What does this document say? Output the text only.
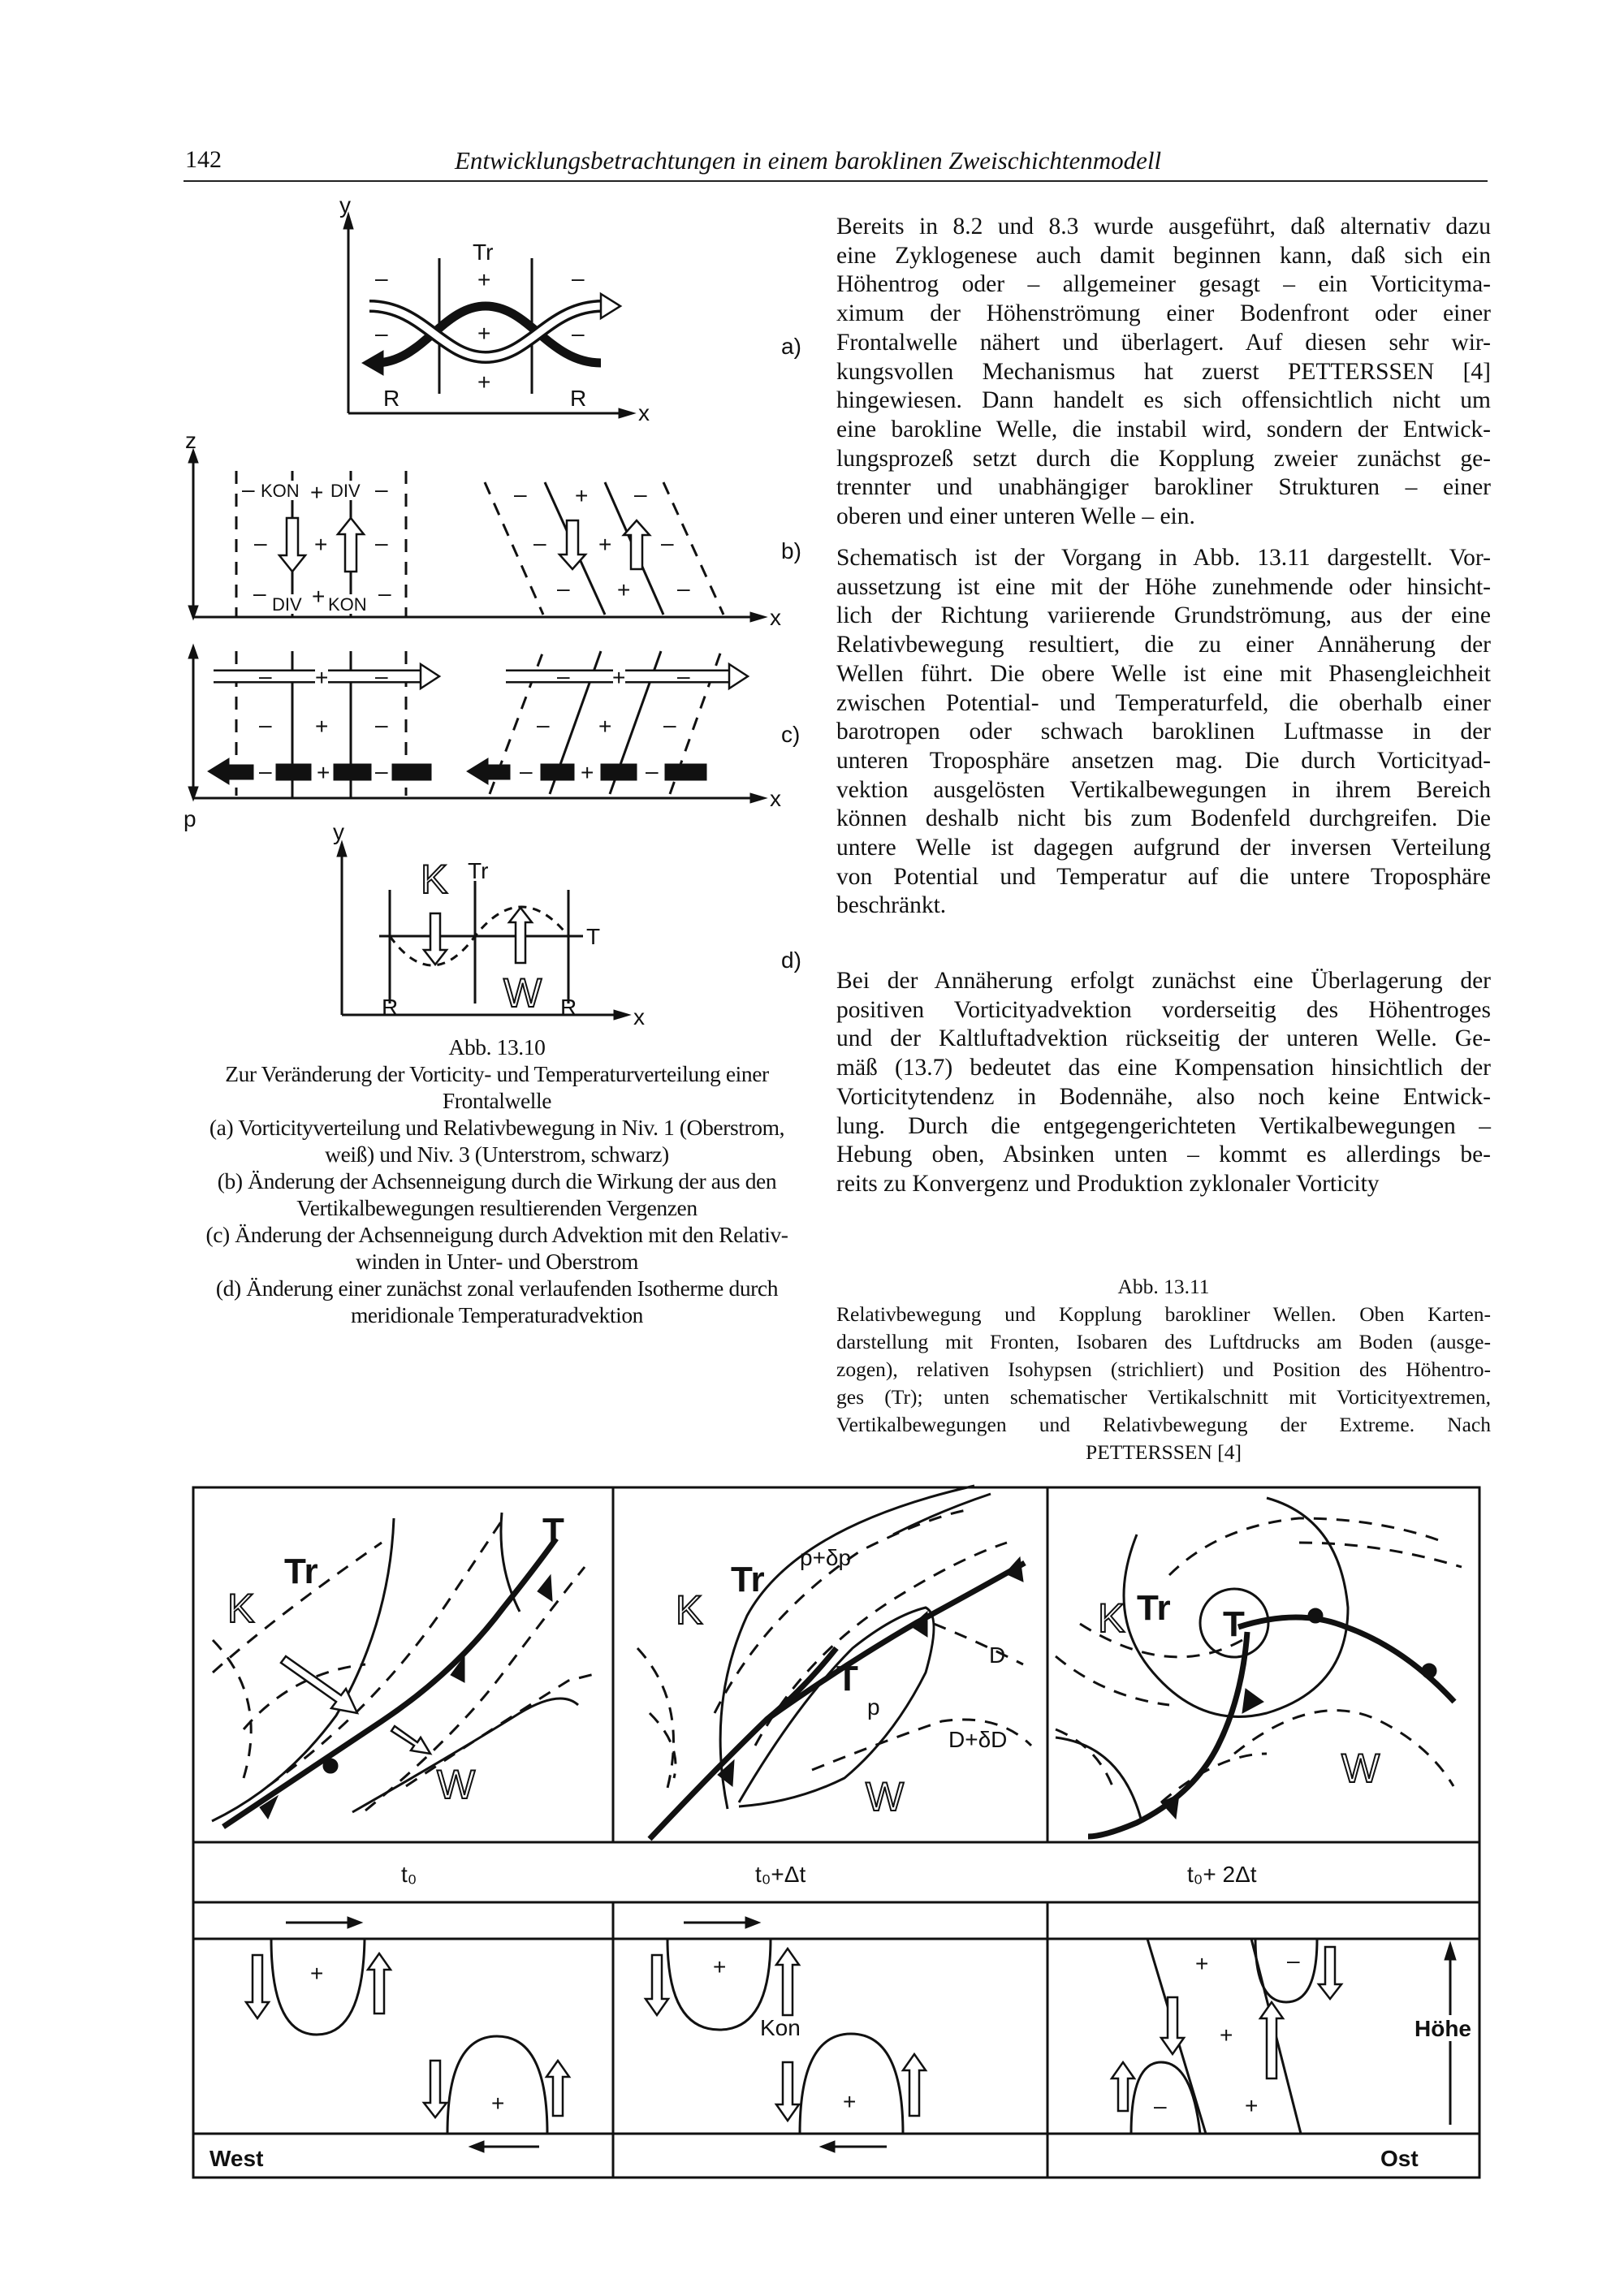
142	Entwicklungsbetrachtungen in einem baroklinen Zweischichtenmodell
Bereits in 8.2 und 8.3 wurde ausgeführt, daß alternativ dazu
eine Zyklogenese auch damit beginnen kann, daß sich ein
Höhentrog oder – allgemeiner gesagt – ein Vorticityma-
ximum der Höhenströmung einer Bodenfront oder einer
Frontalwelle nähert und überlagert. Auf diesen sehr wir-
kungsvollen Mechanismus hat zuerst PETTERSSEN [4]
hingewiesen. Dann handelt es sich offensichtlich nicht um
eine barokline Welle, die instabil wird, sondern der Entwick-
lungsprozeß setzt durch die Kopplung zweier zunächst ge-
trennter und unabhängiger barokliner Strukturen – einer
oberen und einer unteren Welle – ein.
Schematisch ist der Vorgang in Abb. 13.11 dargestellt. Vor-
aussetzung ist eine mit der Höhe zunehmende oder hinsicht-
lich der Richtung variierende Grundströmung, aus der eine
Relativbewegung resultiert, die zu einer Annäherung der
Wellen führt. Die obere Welle ist eine mit Phasengleichheit
zwischen Potential- und Temperaturfeld, die oberhalb einer
barotropen oder schwach baroklinen Luftmasse in der
unteren Troposphäre ansetzen mag. Die durch Vorticityad-
vektion ausgelösten Vertikalbewegungen in ihrem Bereich
können deshalb nicht bis zum Bodenfeld durchgreifen. Die
untere Welle ist dagegen aufgrund der inversen Verteilung
von Potential und Temperatur auf die untere Troposphäre
beschränkt.
Bei der Annäherung erfolgt zunächst eine Überlagerung der
positiven Vorticityadvektion vorderseitig des Höhentroges
und der Kaltluftadvektion rückseitig der unteren Welle. Ge-
mäß (13.7) bedeutet das eine Kompensation hinsichtlich der
Vorticitytendenz in Bodennähe, also noch keine Entwick-
lung. Durch die entgegengerichteten Vertikalbewegungen –
Hebung oben, Absinken unten – kommt es allerdings be-
reits zu Konvergenz und Produktion zyklonaler Vorticity
Abb. 13.10
Zur Veränderung der Vorticity- und Temperaturverteilung einer
Frontalwelle
(a) Vorticityverteilung und Relativbewegung in Niv. 1 (Oberstrom,
weiß) und Niv. 3 (Unterstrom, schwarz)
(b) Änderung der Achsenneigung durch die Wirkung der aus den
Vertikalbewegungen resultierenden Vergenzen
(c) Änderung der Achsenneigung durch Advektion mit den Relativ-
winden in Unter- und Oberstrom
(d) Änderung einer zunächst zonal verlaufenden Isotherme durch
meridionale Temperaturadvektion
Abb. 13.11
Relativbewegung und Kopplung barokliner Wellen. Oben Karten-
darstellung mit Fronten, Isobaren des Luftdrucks am Boden (ausge-
zogen), relativen Isohypsen (strichliert) und Position des Höhentro-
ges (Tr); unten schematischer Vertikalschnitt mit Vorticityextremen,
Vertikalbewegungen und Relativbewegung der Extreme. Nach
PETTERSSEN [4]
y
x
Tr
+
–	–
–	+	–
+
R	R
a)
z
x
KON DIV
DIV KON
– + –
– + –
– + –
– + –
– + –
– + –
b)
x
p
– + –
– + –
– + –
– + –
– + –
– + –
c)
y
x
K Tr
T
W
R	R
d)
K
Tr
T
W
K
Tr
p+δp
T
p
D
D+δD
W
K Tr T
W
t₀	t₀+Δt	t₀+ 2Δt
+
+
West
+
+
Kon
+	–
+
+
–
Höhe
Ost
